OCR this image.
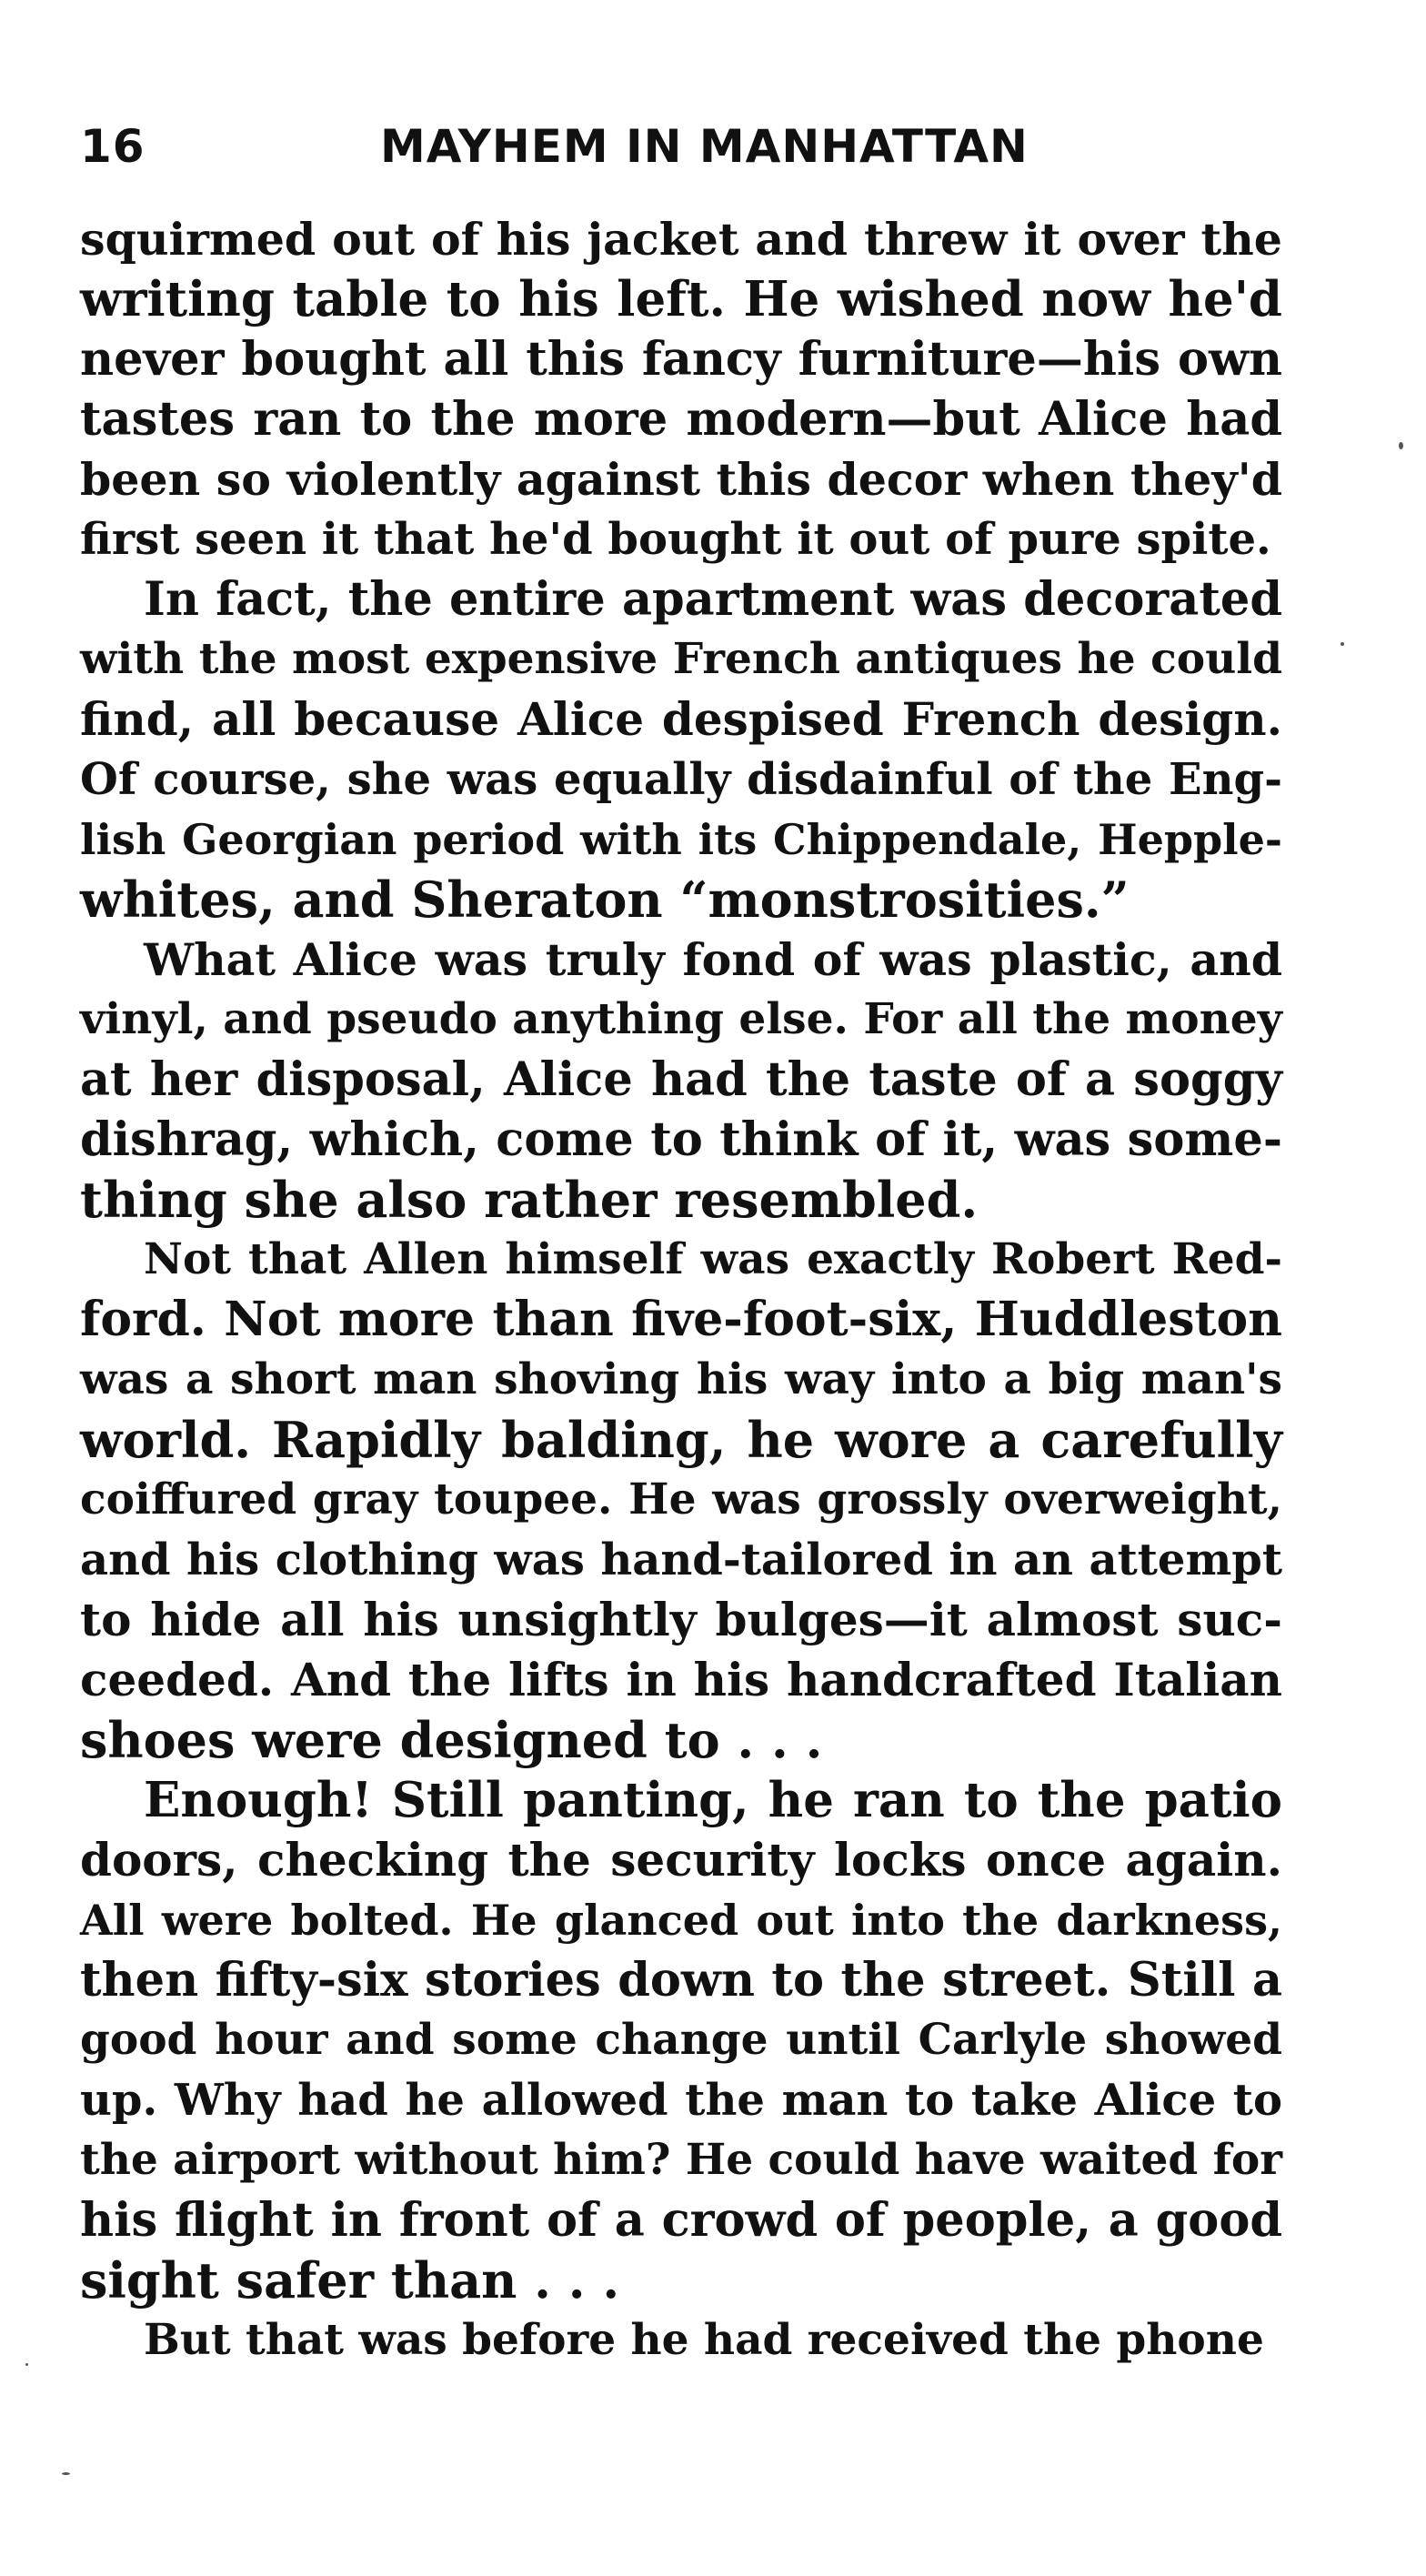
16	MAYHEM IN MANHATTAN
squirmed out of his jacket and threw it over the
writing table to his left. He wished now he'd
never bought all this fancy furniture—his own
tastes ran to the more modern—but Alice had
been so violently against this decor when they'd
first seen it that he'd bought it out of pure spite.
In fact, the entire apartment was decorated
with the most expensive French antiques he could
find, all because Alice despised French design.
Of course, she was equally disdainful of the Eng-
lish Georgian period with its Chippendale, Hepple-
whites, and Sheraton “monstrosities.”
What Alice was truly fond of was plastic, and
vinyl, and pseudo anything else. For all the money
at her disposal, Alice had the taste of a soggy
dishrag, which, come to think of it, was some-
thing she also rather resembled.
Not that Allen himself was exactly Robert Red-
ford. Not more than five-foot-six, Huddleston
was a short man shoving his way into a big man's
world. Rapidly balding, he wore a carefully
coiffured gray toupee. He was grossly overweight,
and his clothing was hand-tailored in an attempt
to hide all his unsightly bulges—it almost suc-
ceeded. And the lifts in his handcrafted Italian
shoes were designed to . . .
Enough! Still panting, he ran to the patio
doors, checking the security locks once again.
All were bolted. He glanced out into the darkness,
then fifty-six stories down to the street. Still a
good hour and some change until Carlyle showed
up. Why had he allowed the man to take Alice to
the airport without him? He could have waited for
his flight in front of a crowd of people, a good
sight safer than . . .
But that was before he had received the phone
